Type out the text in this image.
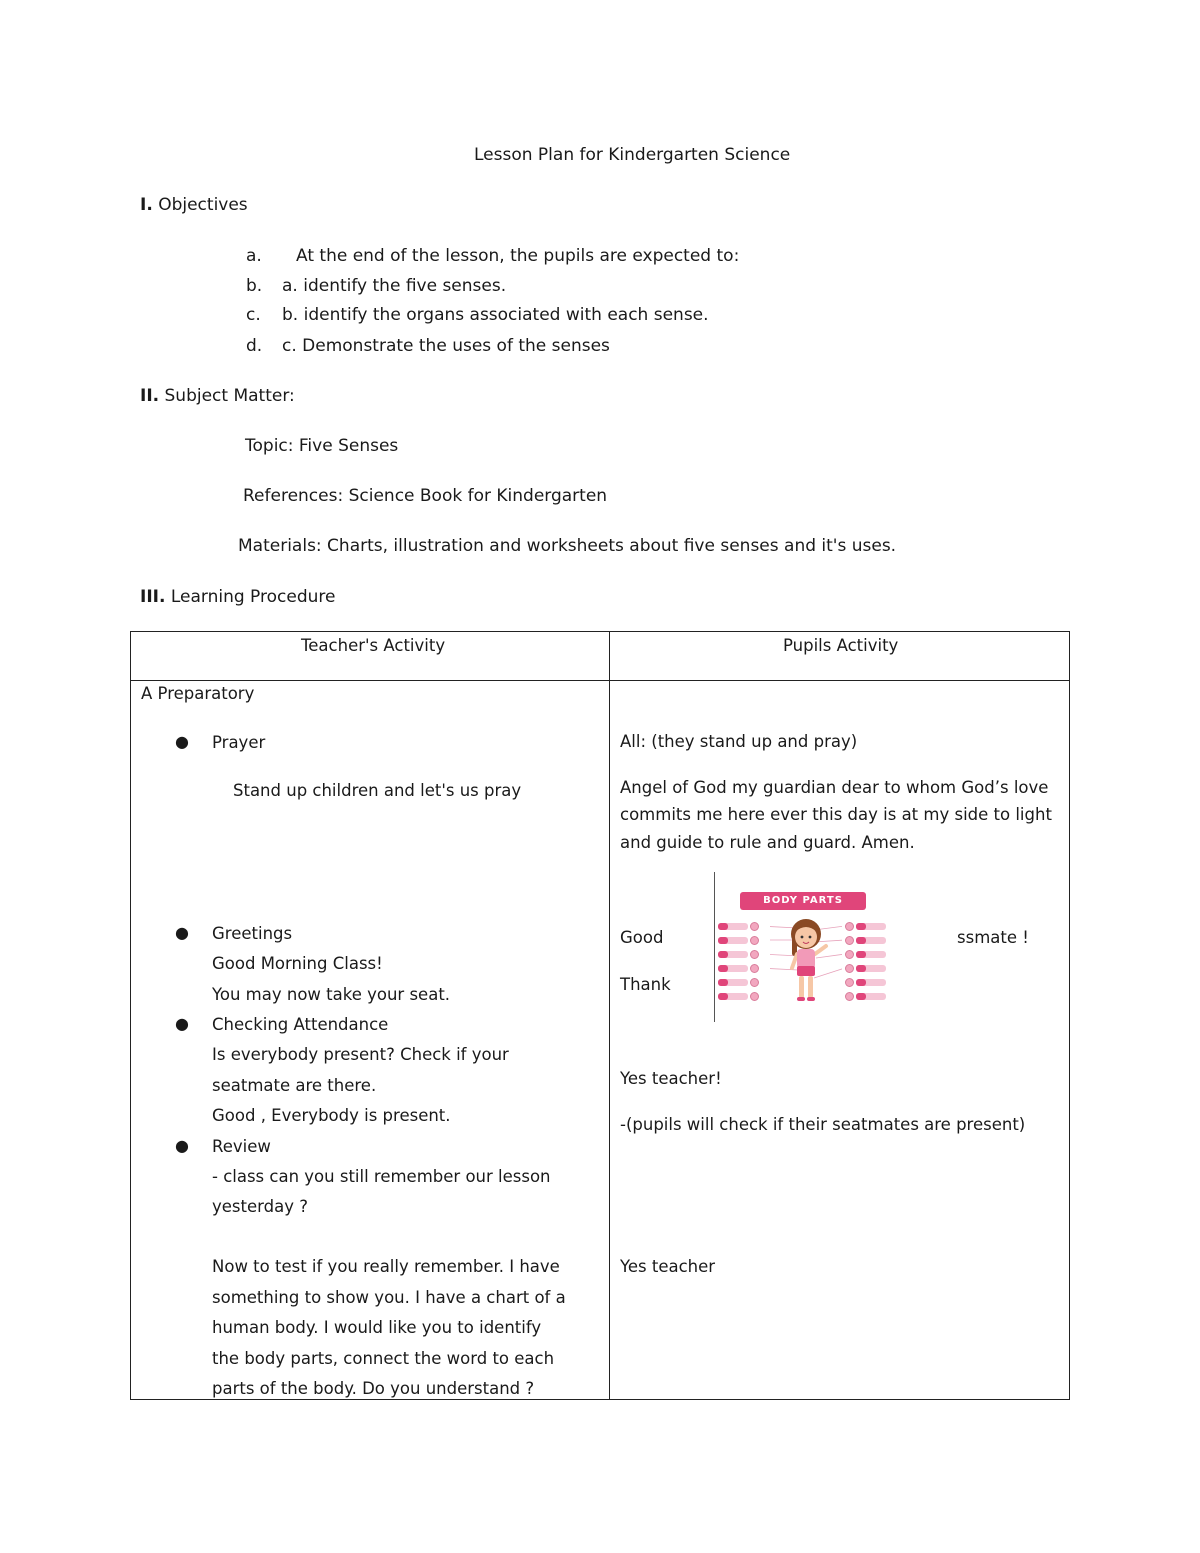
Lesson Plan for Kindergarten Science
I. Objectives
a. At the end of the lesson, the pupils are expected to:
b. a. identify the five senses.
c. b. identify the organs associated with each sense.
d. c. Demonstrate the uses of the senses
II. Subject Matter:
Topic: Five Senses
References: Science Book for Kindergarten
Materials: Charts, illustration and worksheets about five senses and it's uses.
III. Learning Procedure
Teacher's Activity	Pupils Activity
A Preparatory
● Prayer
Stand up children and let's us pray
● Greetings
Good Morning Class!
You may now take your seat.
● Checking Attendance
Is everybody present? Check if your
seatmate are there.
Good , Everybody is present.
● Review
- class can you still remember our lesson
yesterday ?
Now to test if you really remember. I have
something to show you. I have a chart of a
human body. I would like you to identify
the body parts, connect the word to each
parts of the body. Do you understand ?
All: (they stand up and pray)
Angel of God my guardian dear to whom God’s love
commits me here ever this day is at my side to light
and guide to rule and guard. Amen.
Good	ssmate !
Thank
Yes teacher!
-(pupils will check if their seatmates are present)
Yes teacher
BODY PARTS
